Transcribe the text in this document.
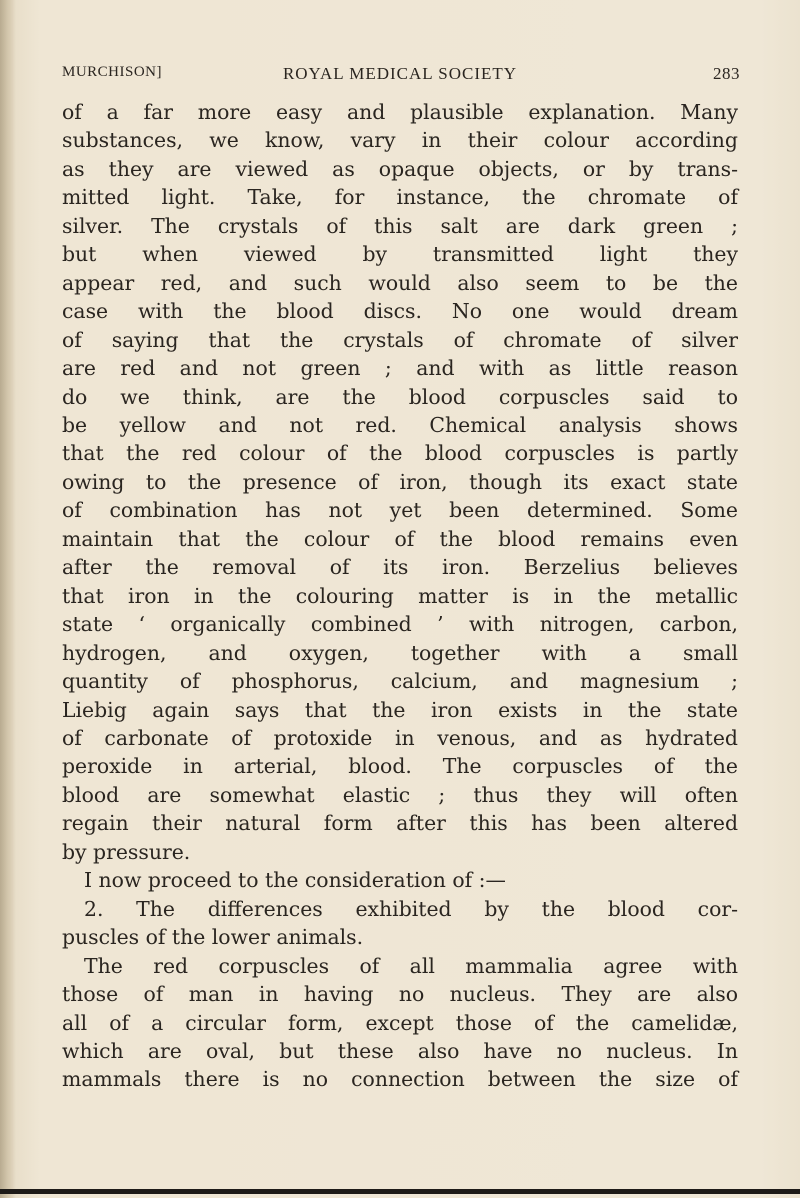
MURCHISON]	ROYAL MEDICAL SOCIETY	283
of a far more easy and plausible explanation. Many
substances, we know, vary in their colour according
as they are viewed as opaque objects, or by trans-
mitted light. Take, for instance, the chromate of
silver. The crystals of this salt are dark green ;
but when viewed by transmitted light they
appear red, and such would also seem to be the
case with the blood discs. No one would dream
of saying that the crystals of chromate of silver
are red and not green ; and with as little reason
do we think, are the blood corpuscles said to
be yellow and not red. Chemical analysis shows
that the red colour of the blood corpuscles is partly
owing to the presence of iron, though its exact state
of combination has not yet been determined. Some
maintain that the colour of the blood remains even
after the removal of its iron. Berzelius believes
that iron in the colouring matter is in the metallic
state ‘ organically combined ’ with nitrogen, carbon,
hydrogen, and oxygen, together with a small
quantity of phosphorus, calcium, and magnesium ;
Liebig again says that the iron exists in the state
of carbonate of protoxide in venous, and as hydrated
peroxide in arterial, blood. The corpuscles of the
blood are somewhat elastic ; thus they will often
regain their natural form after this has been altered
by pressure.
I now proceed to the consideration of :—
2. The differences exhibited by the blood cor-
puscles of the lower animals.
The red corpuscles of all mammalia agree with
those of man in having no nucleus. They are also
all of a circular form, except those of the camelidæ,
which are oval, but these also have no nucleus. In
mammals there is no connection between the size of
